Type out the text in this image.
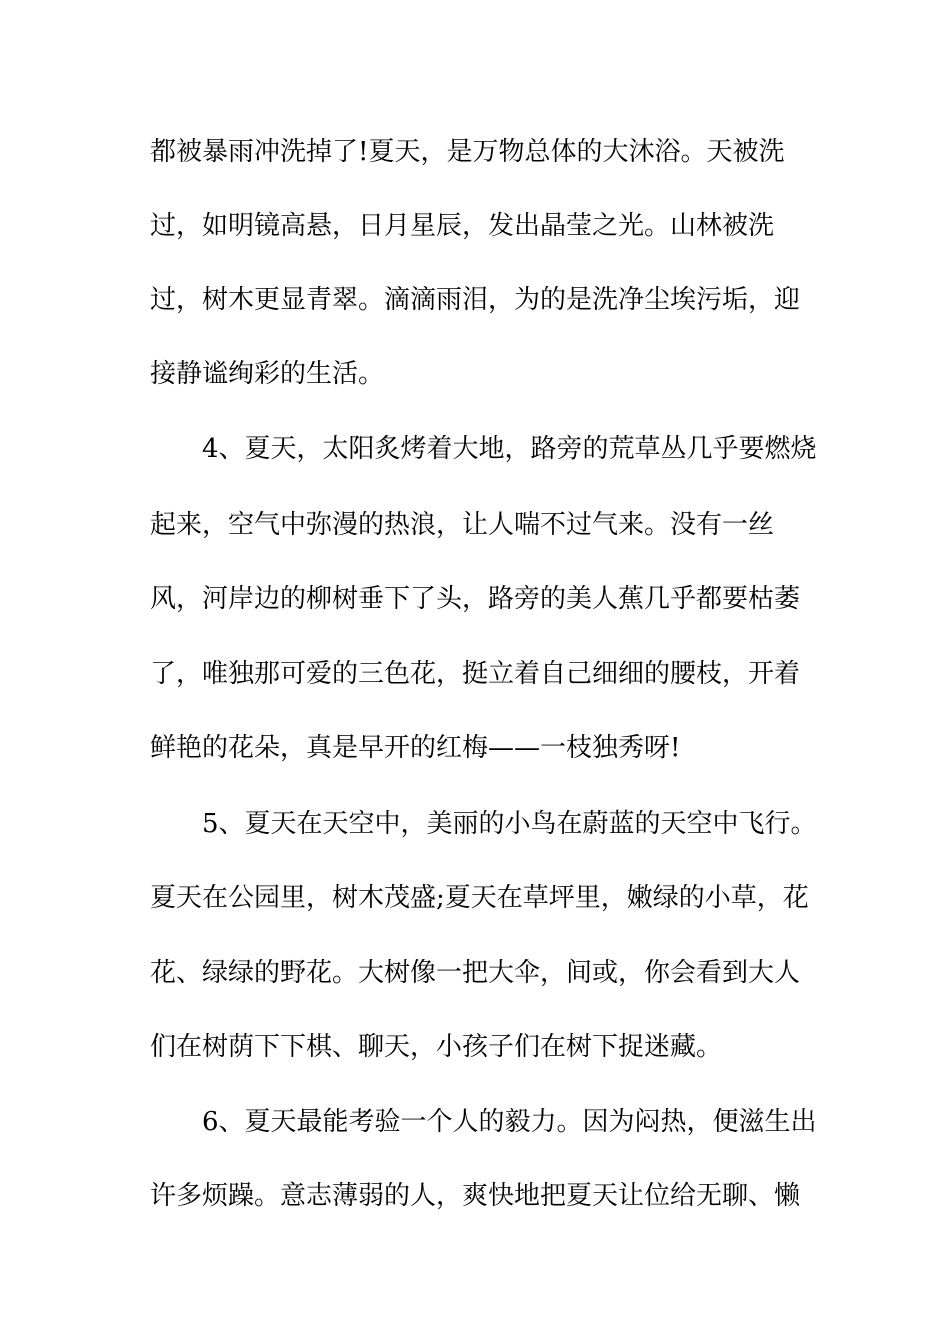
都被暴雨冲洗掉了!夏天，是万物总体的大沐浴。天被洗
过，如明镜高悬，日月星辰，发出晶莹之光。山林被洗
过，树木更显青翠。滴滴雨泪，为的是洗净尘埃污垢，迎
接静谧绚彩的生活。
4、夏天，太阳炙烤着大地，路旁的荒草丛几乎要燃烧
起来，空气中弥漫的热浪，让人喘不过气来。没有一丝
风，河岸边的柳树垂下了头，路旁的美人蕉几乎都要枯萎
了，唯独那可爱的三色花，挺立着自己细细的腰枝，开着
鲜艳的花朵，真是早开的红梅——一枝独秀呀!
5、夏天在天空中，美丽的小鸟在蔚蓝的天空中飞行。
夏天在公园里，树木茂盛;夏天在草坪里，嫩绿的小草，花
花、绿绿的野花。大树像一把大伞，间或，你会看到大人
们在树荫下下棋、聊天，小孩子们在树下捉迷藏。
6、夏天最能考验一个人的毅力。因为闷热，便滋生出
许多烦躁。意志薄弱的人，爽快地把夏天让位给无聊、懒
